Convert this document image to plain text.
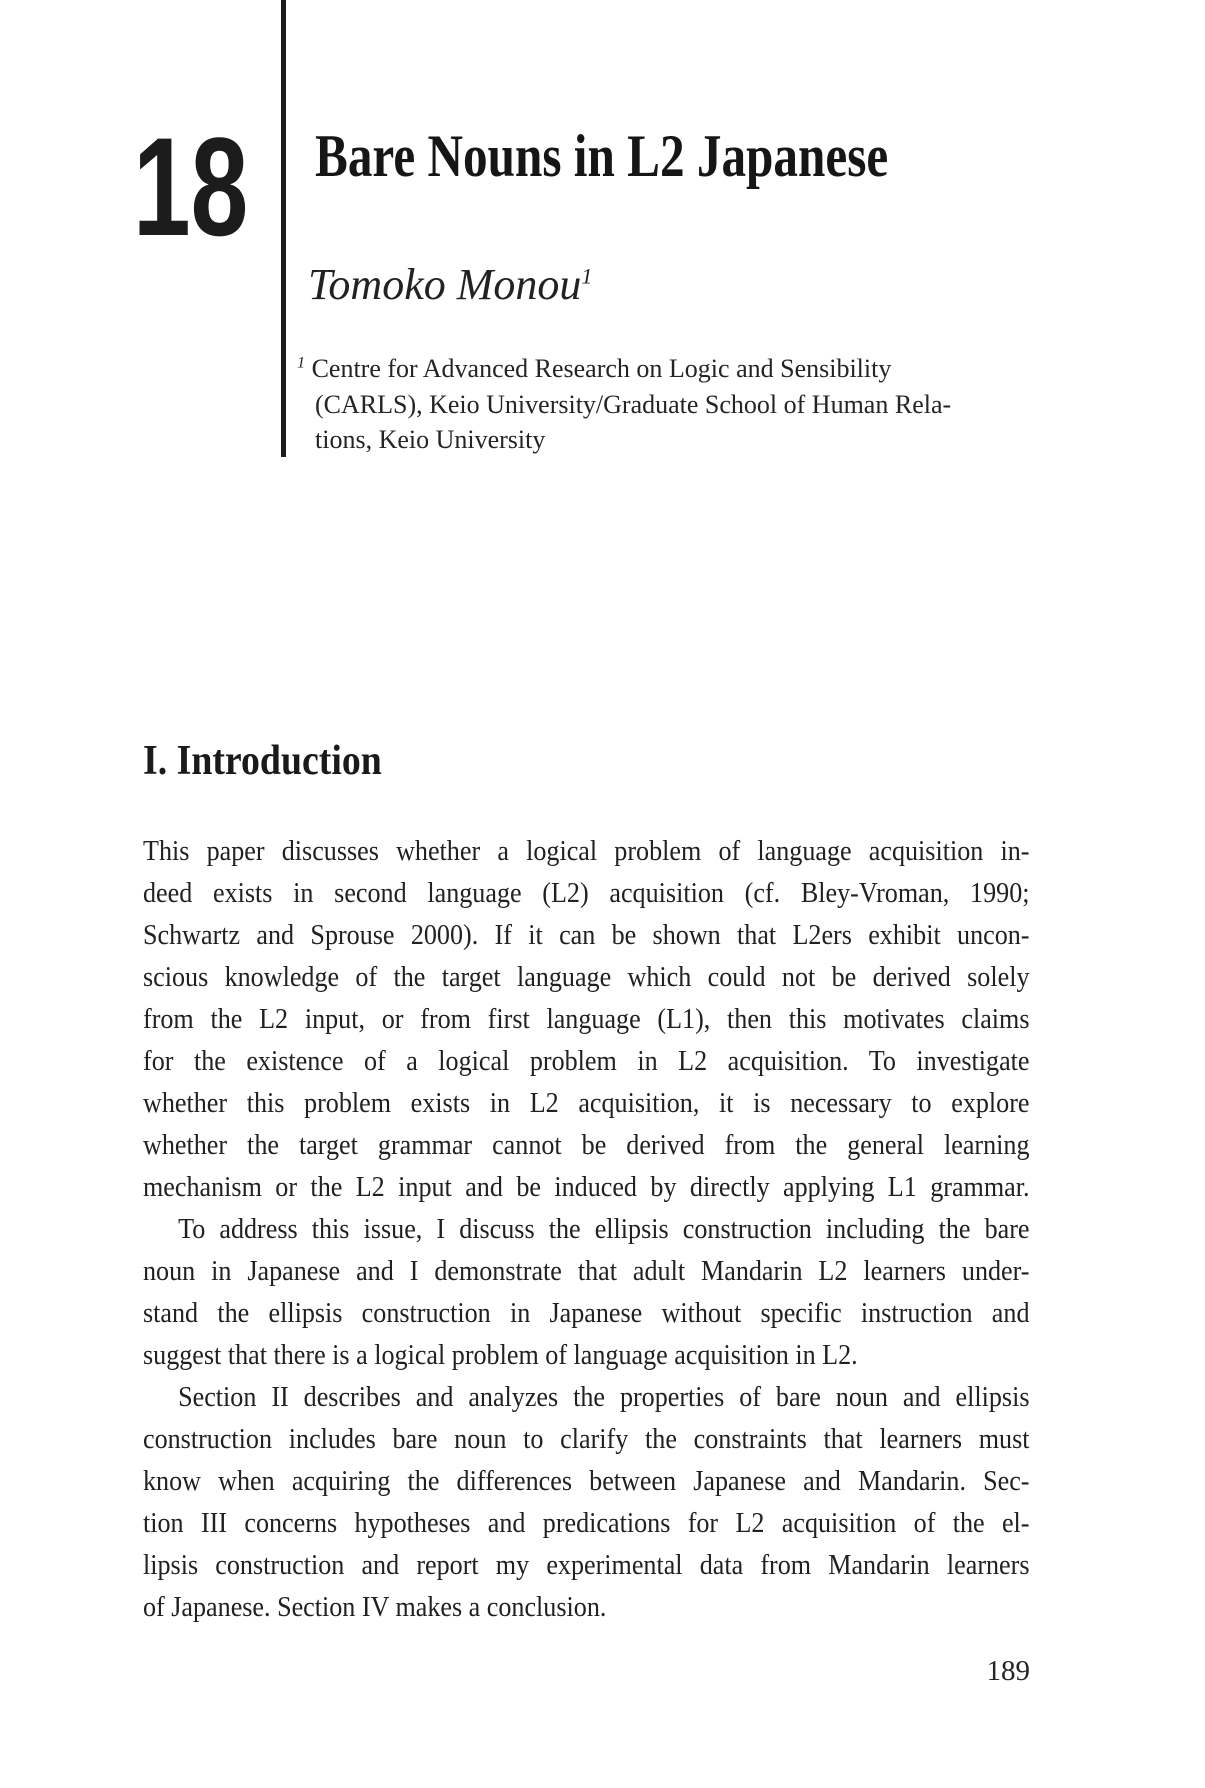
18 Bare Nouns in L2 Japanese
Tomoko Monou$^1$
$^1$ Centre for Advanced Research on Logic and Sensibility
(CARLS), Keio University/Graduate School of Human Rela-
tions, Keio University
I. Introduction
This paper discusses whether a logical problem of language acquisition in-
deed exists in second language (L2) acquisition (cf. Bley-Vroman, 1990;
Schwartz and Sprouse 2000). If it can be shown that L2ers exhibit uncon-
scious knowledge of the target language which could not be derived solely
from the L2 input, or from first language (L1), then this motivates claims
for the existence of a logical problem in L2 acquisition. To investigate
whether this problem exists in L2 acquisition, it is necessary to explore
whether the target grammar cannot be derived from the general learning
mechanism or the L2 input and be induced by directly applying L1 grammar.
To address this issue, I discuss the ellipsis construction including the bare
noun in Japanese and I demonstrate that adult Mandarin L2 learners under-
stand the ellipsis construction in Japanese without specific instruction and
suggest that there is a logical problem of language acquisition in L2.
Section II describes and analyzes the properties of bare noun and ellipsis
construction includes bare noun to clarify the constraints that learners must
know when acquiring the differences between Japanese and Mandarin. Sec-
tion III concerns hypotheses and predications for L2 acquisition of the el-
lipsis construction and report my experimental data from Mandarin learners
of Japanese. Section IV makes a conclusion.
189
